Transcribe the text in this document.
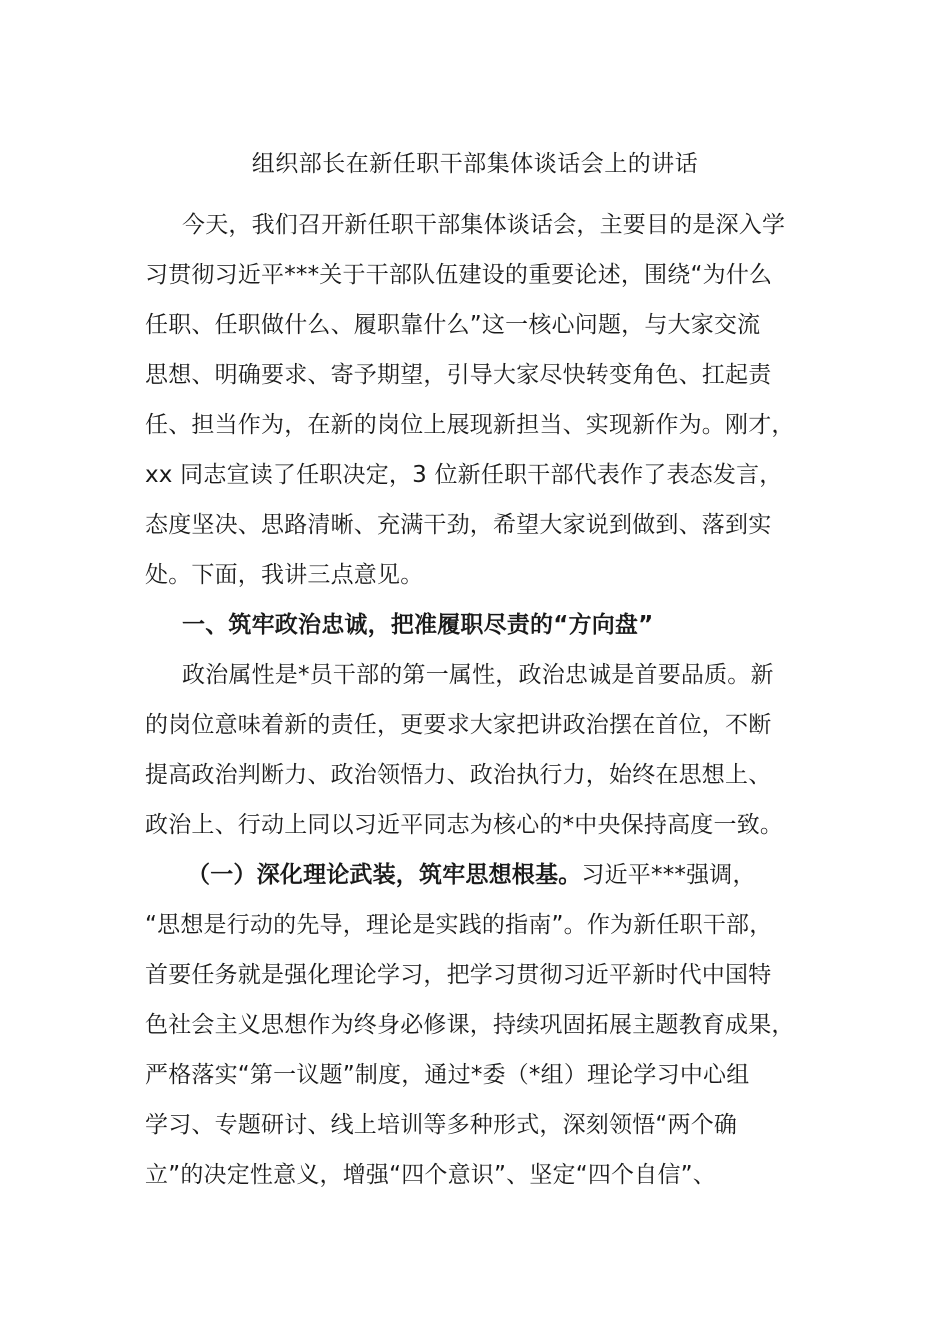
组织部长在新任职干部集体谈话会上的讲话
今天，我们召开新任职干部集体谈话会，主要目的是深入学
习贯彻习近平***关于干部队伍建设的重要论述，围绕“为什么
任职、任职做什么、履职靠什么”这一核心问题，与大家交流
思想、明确要求、寄予期望，引导大家尽快转变角色、扛起责
任、担当作为，在新的岗位上展现新担当、实现新作为。刚才，
xx 同志宣读了任职决定，3 位新任职干部代表作了表态发言，
态度坚决、思路清晰、充满干劲，希望大家说到做到、落到实
处。下面，我讲三点意见。
一、筑牢政治忠诚，把准履职尽责的“方向盘”
政治属性是*员干部的第一属性，政治忠诚是首要品质。新
的岗位意味着新的责任，更要求大家把讲政治摆在首位，不断
提高政治判断力、政治领悟力、政治执行力，始终在思想上、
政治上、行动上同以习近平同志为核心的*中央保持高度一致。
（一）深化理论武装，筑牢思想根基。习近平***强调，
“思想是行动的先导，理论是实践的指南”。作为新任职干部，
首要任务就是强化理论学习，把学习贯彻习近平新时代中国特
色社会主义思想作为终身必修课，持续巩固拓展主题教育成果，
严格落实“第一议题”制度，通过*委（*组）理论学习中心组
学习、专题研讨、线上培训等多种形式，深刻领悟“两个确
立”的决定性意义，增强“四个意识”、坚定“四个自信”、
